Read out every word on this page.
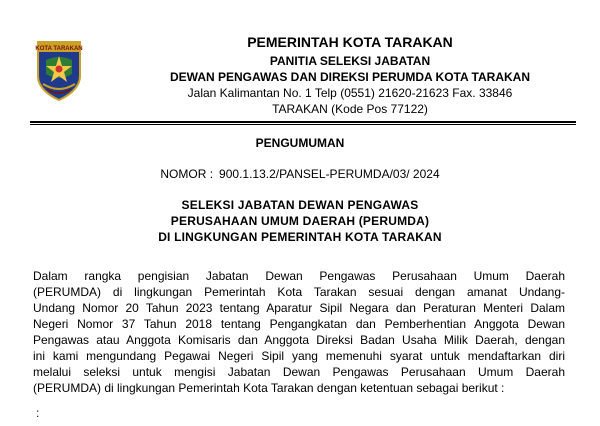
KOTA TARAKAN	PEMERINTAH KOTA TARAKAN
PANITIA SELEKSI JABATAN
DEWAN PENGAWAS DAN DIREKSI PERUMDA KOTA TARAKAN
Jalan Kalimantan No. 1 Telp (0551) 21620-21623 Fax. 33846
TARAKAN (Kode Pos 77122)
PENGUMUMAN
NOMOR : 900.1.13.2/PANSEL-PERUMDA/03/ 2024
SELEKSI JABATAN DEWAN PENGAWAS
PERUSAHAAN UMUM DAERAH (PERUMDA)
DI LINGKUNGAN PEMERINTAH KOTA TARAKAN
Dalam rangka pengisian Jabatan Dewan Pengawas Perusahaan Umum Daerah
(PERUMDA) di lingkungan Pemerintah Kota Tarakan sesuai dengan amanat Undang-
Undang Nomor 20 Tahun 2023 tentang Aparatur Sipil Negara dan Peraturan Menteri Dalam
Negeri Nomor 37 Tahun 2018 tentang Pengangkatan dan Pemberhentian Anggota Dewan
Pengawas atau Anggota Komisaris dan Anggota Direksi Badan Usaha Milik Daerah, dengan
ini kami mengundang Pegawai Negeri Sipil yang memenuhi syarat untuk mendaftarkan diri
melalui seleksi untuk mengisi Jabatan Dewan Pengawas Perusahaan Umum Daerah
(PERUMDA) di lingkungan Pemerintah Kota Tarakan dengan ketentuan sebagai berikut :
:
